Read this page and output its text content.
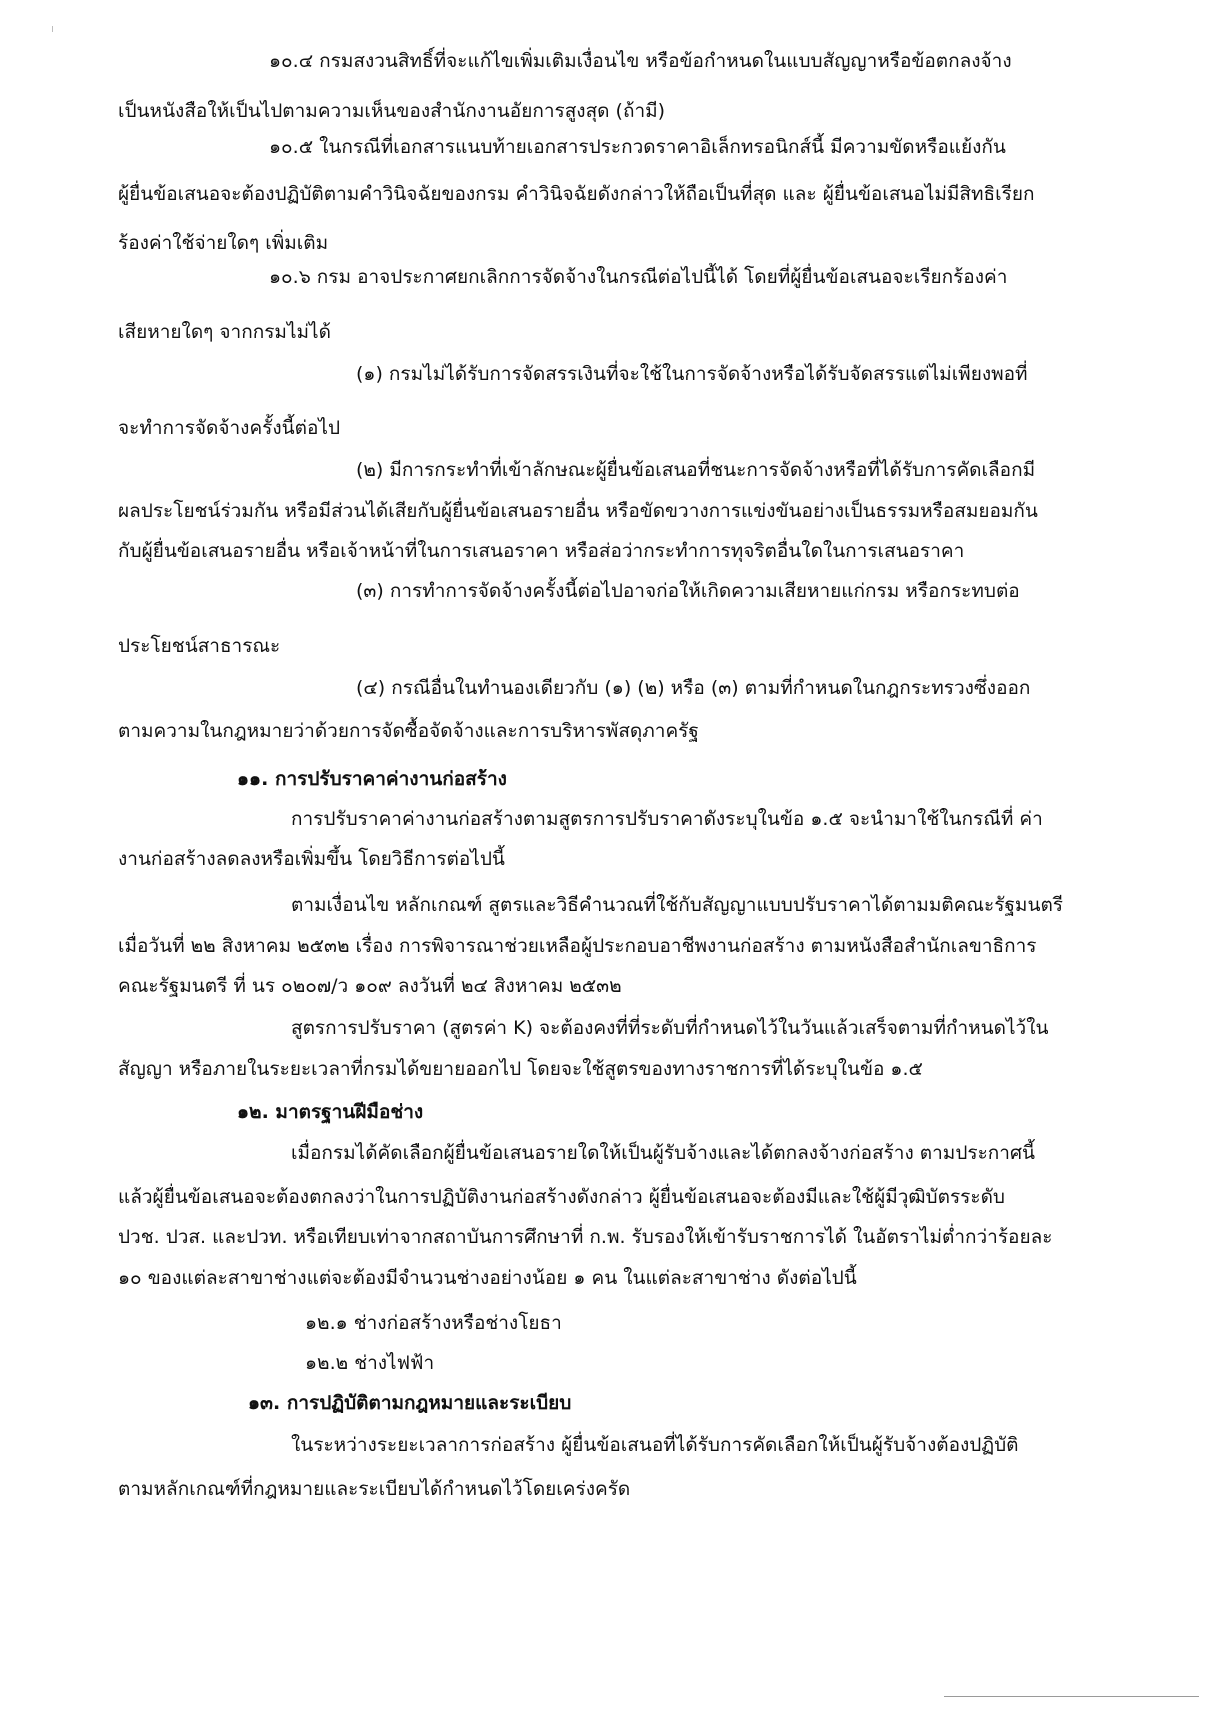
๑๐.๔ กรมสงวนสิทธิ์ที่จะแก้ไขเพิ่มเติมเงื่อนไข หรือข้อกำหนดในแบบสัญญาหรือข้อตกลงจ้าง

เป็นหนังสือให้เป็นไปตามความเห็นของสำนักงานอัยการสูงสุด (ถ้ามี)

๑๐.๕ ในกรณีที่เอกสารแนบท้ายเอกสารประกวดราคาอิเล็กทรอนิกส์นี้ มีความขัดหรือแย้งกัน

ผู้ยื่นข้อเสนอจะต้องปฏิบัติตามคำวินิจฉัยของกรม คำวินิจฉัยดังกล่าวให้ถือเป็นที่สุด และ ผู้ยื่นข้อเสนอไม่มีสิทธิเรียก

ร้องค่าใช้จ่ายใดๆ เพิ่มเติม

๑๐.๖ กรม อาจประกาศยกเลิกการจัดจ้างในกรณีต่อไปนี้ได้ โดยที่ผู้ยื่นข้อเสนอจะเรียกร้องค่า

เสียหายใดๆ จากกรมไม่ได้

(๑) กรมไม่ได้รับการจัดสรรเงินที่จะใช้ในการจัดจ้างหรือได้รับจัดสรรแต่ไม่เพียงพอที่

จะทำการจัดจ้างครั้งนี้ต่อไป

(๒) มีการกระทำที่เข้าลักษณะผู้ยื่นข้อเสนอที่ชนะการจัดจ้างหรือที่ได้รับการคัดเลือกมี

ผลประโยชน์ร่วมกัน หรือมีส่วนได้เสียกับผู้ยื่นข้อเสนอรายอื่น หรือขัดขวางการแข่งขันอย่างเป็นธรรมหรือสมยอมกัน

กับผู้ยื่นข้อเสนอรายอื่น หรือเจ้าหน้าที่ในการเสนอราคา หรือส่อว่ากระทำการทุจริตอื่นใดในการเสนอราคา

(๓) การทำการจัดจ้างครั้งนี้ต่อไปอาจก่อให้เกิดความเสียหายแก่กรม หรือกระทบต่อ

ประโยชน์สาธารณะ

(๔) กรณีอื่นในทำนองเดียวกับ (๑) (๒) หรือ (๓) ตามที่กำหนดในกฎกระทรวงซึ่งออก

ตามความในกฎหมายว่าด้วยการจัดซื้อจัดจ้างและการบริหารพัสดุภาครัฐ

๑๑. การปรับราคาค่างานก่อสร้าง

การปรับราคาค่างานก่อสร้างตามสูตรการปรับราคาดังระบุในข้อ ๑.๕ จะนำมาใช้ในกรณีที่ ค่า

งานก่อสร้างลดลงหรือเพิ่มขึ้น โดยวิธีการต่อไปนี้

ตามเงื่อนไข หลักเกณฑ์ สูตรและวิธีคำนวณที่ใช้กับสัญญาแบบปรับราคาได้ตามมติคณะรัฐมนตรี

เมื่อวันที่ ๒๒ สิงหาคม ๒๕๓๒ เรื่อง การพิจารณาช่วยเหลือผู้ประกอบอาชีพงานก่อสร้าง ตามหนังสือสำนักเลขาธิการ

คณะรัฐมนตรี ที่ นร ๐๒๐๗/ว ๑๐๙ ลงวันที่ ๒๔ สิงหาคม ๒๕๓๒

สูตรการปรับราคา (สูตรค่า K) จะต้องคงที่ที่ระดับที่กำหนดไว้ในวันแล้วเสร็จตามที่กำหนดไว้ใน

สัญญา หรือภายในระยะเวลาที่กรมได้ขยายออกไป โดยจะใช้สูตรของทางราชการที่ได้ระบุในข้อ ๑.๕

๑๒. มาตรฐานฝีมือช่าง

เมื่อกรมได้คัดเลือกผู้ยื่นข้อเสนอรายใดให้เป็นผู้รับจ้างและได้ตกลงจ้างก่อสร้าง ตามประกาศนี้

แล้วผู้ยื่นข้อเสนอจะต้องตกลงว่าในการปฏิบัติงานก่อสร้างดังกล่าว ผู้ยื่นข้อเสนอจะต้องมีและใช้ผู้มีวุฒิบัตรระดับ

ปวช. ปวส. และปวท. หรือเทียบเท่าจากสถาบันการศึกษาที่ ก.พ. รับรองให้เข้ารับราชการได้ ในอัตราไม่ต่ำกว่าร้อยละ

๑๐ ของแต่ละสาขาช่างแต่จะต้องมีจำนวนช่างอย่างน้อย ๑ คน ในแต่ละสาขาช่าง ดังต่อไปนี้

๑๒.๑ ช่างก่อสร้างหรือช่างโยธา

๑๒.๒ ช่างไฟฟ้า

๑๓. การปฏิบัติตามกฎหมายและระเบียบ

ในระหว่างระยะเวลาการก่อสร้าง ผู้ยื่นข้อเสนอที่ได้รับการคัดเลือกให้เป็นผู้รับจ้างต้องปฏิบัติ

ตามหลักเกณฑ์ที่กฎหมายและระเบียบได้กำหนดไว้โดยเคร่งครัด
